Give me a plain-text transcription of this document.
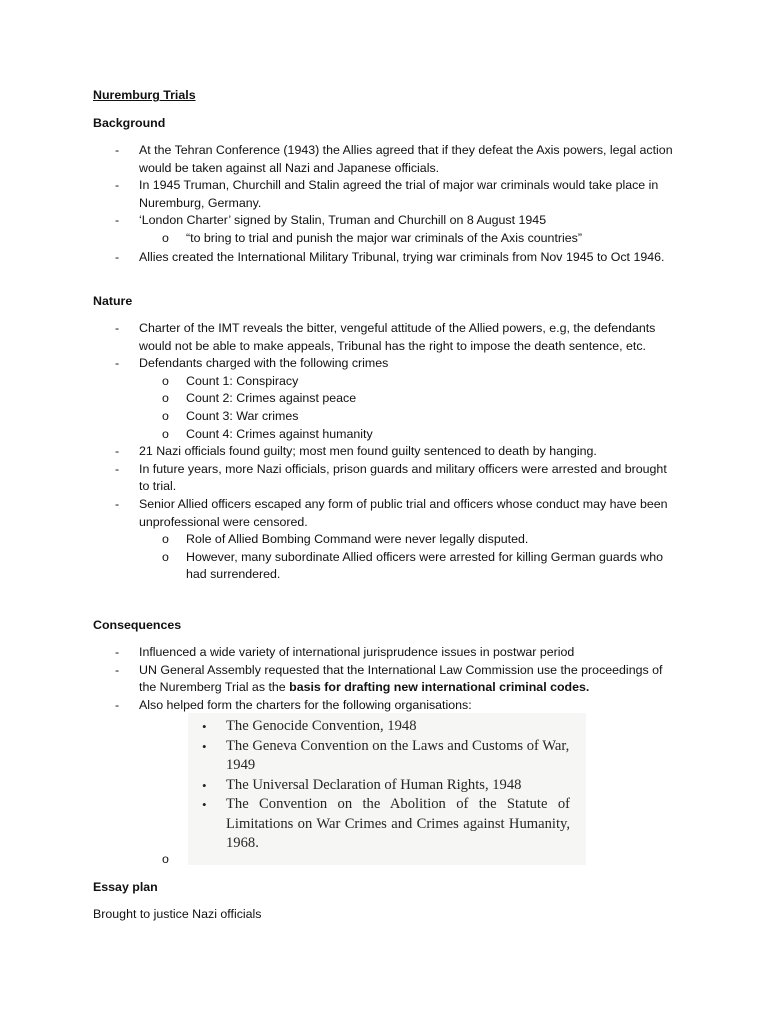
Nuremburg Trials
Background
- At the Tehran Conference (1943) the Allies agreed that if they defeat the Axis powers, legal action would be taken against all Nazi and Japanese officials.
- In 1945 Truman, Churchill and Stalin agreed the trial of major war criminals would take place in Nuremburg, Germany.
- ‘London Charter’ signed by Stalin, Truman and Churchill on 8 August 1945
o “to bring to trial and punish the major war criminals of the Axis countries”
- Allies created the International Military Tribunal, trying war criminals from Nov 1945 to Oct 1946.
Nature
- Charter of the IMT reveals the bitter, vengeful attitude of the Allied powers, e.g, the defendants would not be able to make appeals, Tribunal has the right to impose the death sentence, etc.
- Defendants charged with the following crimes
o Count 1: Conspiracy
o Count 2: Crimes against peace
o Count 3: War crimes
o Count 4: Crimes against humanity
- 21 Nazi officials found guilty; most men found guilty sentenced to death by hanging.
- In future years, more Nazi officials, prison guards and military officers were arrested and brought to trial.
- Senior Allied officers escaped any form of public trial and officers whose conduct may have been unprofessional were censored.
o Role of Allied Bombing Command were never legally disputed.
o However, many subordinate Allied officers were arrested for killing German guards who had surrendered.
Consequences
- Influenced a wide variety of international jurisprudence issues in postwar period
- UN General Assembly requested that the International Law Commission use the proceedings of the Nuremberg Trial as the basis for drafting new international criminal codes.
- Also helped form the charters for the following organisations:
• The Genocide Convention, 1948
• The Geneva Convention on the Laws and Customs of War, 1949
• The Universal Declaration of Human Rights, 1948
• The Convention on the Abolition of the Statute of Limitations on War Crimes and Crimes against Humanity, 1968.
o
Essay plan
Brought to justice Nazi officials
